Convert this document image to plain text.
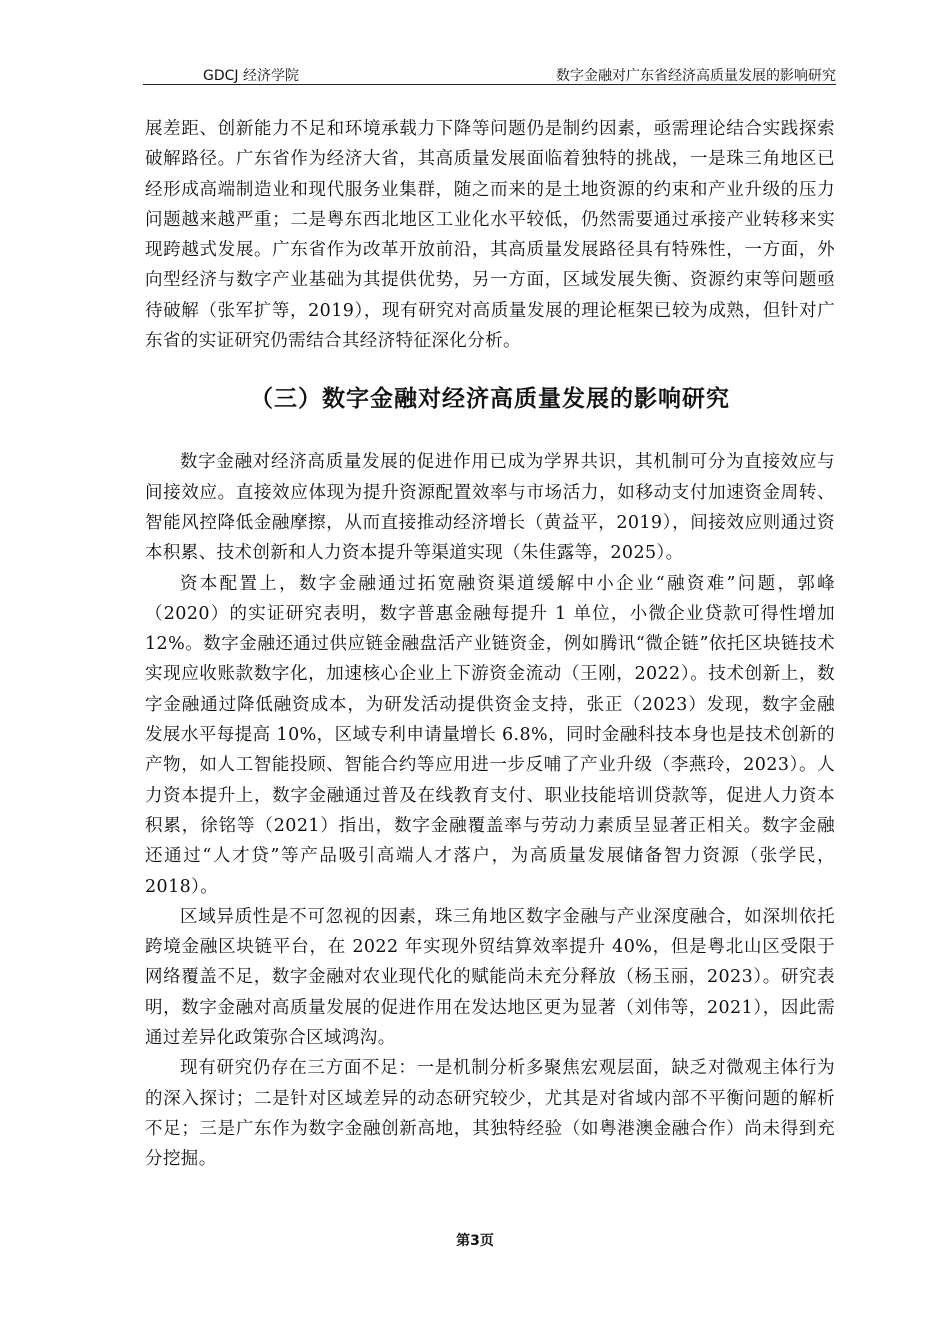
GDCJ 经济学院	数字金融对广东省经济高质量发展的影响研究

展差距、创新能力不足和环境承载力下降等问题仍是制约因素，亟需理论结合实践探索破解路径。广东省作为经济大省，其高质量发展面临着独特的挑战，一是珠三角地区已经形成高端制造业和现代服务业集群，随之而来的是土地资源的约束和产业升级的压力问题越来越严重；二是粤东西北地区工业化水平较低，仍然需要通过承接产业转移来实现跨越式发展。广东省作为改革开放前沿，其高质量发展路径具有特殊性，一方面，外向型经济与数字产业基础为其提供优势，另一方面，区域发展失衡、资源约束等问题亟待破解（张军扩等，2019），现有研究对高质量发展的理论框架已较为成熟，但针对广东省的实证研究仍需结合其经济特征深化分析。

（三）数字金融对经济高质量发展的影响研究

数字金融对经济高质量发展的促进作用已成为学界共识，其机制可分为直接效应与间接效应。直接效应体现为提升资源配置效率与市场活力，如移动支付加速资金周转、智能风控降低金融摩擦，从而直接推动经济增长（黄益平，2019），间接效应则通过资本积累、技术创新和人力资本提升等渠道实现（朱佳露等，2025）。

资本配置上，数字金融通过拓宽融资渠道缓解中小企业“融资难”问题，郭峰（2020）的实证研究表明，数字普惠金融每提升 1 单位，小微企业贷款可得性增加 12%。数字金融还通过供应链金融盘活产业链资金，例如腾讯“微企链”依托区块链技术实现应收账款数字化，加速核心企业上下游资金流动（王刚，2022）。技术创新上，数字金融通过降低融资成本，为研发活动提供资金支持，张正（2023）发现，数字金融发展水平每提高 10%，区域专利申请量增长 6.8%，同时金融科技本身也是技术创新的产物，如人工智能投顾、智能合约等应用进一步反哺了产业升级（李燕玲，2023）。人力资本提升上，数字金融通过普及在线教育支付、职业技能培训贷款等，促进人力资本积累，徐铭等（2021）指出，数字金融覆盖率与劳动力素质呈显著正相关。数字金融还通过“人才贷”等产品吸引高端人才落户，为高质量发展储备智力资源（张学民，2018）。

区域异质性是不可忽视的因素，珠三角地区数字金融与产业深度融合，如深圳依托跨境金融区块链平台，在 2022 年实现外贸结算效率提升 40%，但是粤北山区受限于网络覆盖不足，数字金融对农业现代化的赋能尚未充分释放（杨玉丽，2023）。研究表明，数字金融对高质量发展的促进作用在发达地区更为显著（刘伟等，2021），因此需通过差异化政策弥合区域鸿沟。

现有研究仍存在三方面不足：一是机制分析多聚焦宏观层面，缺乏对微观主体行为的深入探讨；二是针对区域差异的动态研究较少，尤其是对省域内部不平衡问题的解析不足；三是广东作为数字金融创新高地，其独特经验（如粤港澳金融合作）尚未得到充分挖掘。

第3页
